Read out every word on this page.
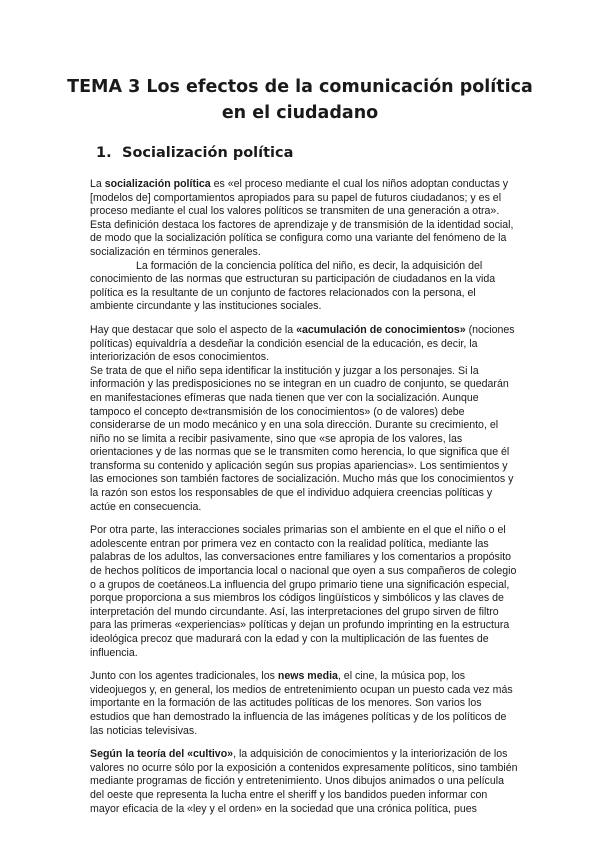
TEMA 3 Los efectos de la comunicación política
en el ciudadano
1. Socialización política

La socialización política es «el proceso mediante el cual los niños adoptan conductas y [modelos de] comportamientos apropiados para su papel de futuros ciudadanos; y es el proceso mediante el cual los valores políticos se transmiten de una generación a otra». Esta definición destaca los factores de aprendizaje y de transmisión de la identidad social, de modo que la socialización política se configura como una variante del fenómeno de la socialización en términos generales.

La formación de la conciencia política del niño, es decir, la adquisición del conocimiento de las normas que estructuran su participación de ciudadanos en la vida política es la resultante de un conjunto de factores relacionados con la persona, el ambiente circundante y las instituciones sociales.

Hay que destacar que solo el aspecto de la «acumulación de conocimientos» (nociones políticas) equivaldría a desdeñar la condición esencial de la educación, es decir, la interiorización de esos conocimientos.

Se trata de que el niño sepa identificar la institución y juzgar a los personajes. Si la información y las predisposiciones no se integran en un cuadro de conjunto, se quedarán en manifestaciones efímeras que nada tienen que ver con la socialización. Aunque tampoco el concepto de«transmisión de los conocimientos» (o de valores) debe considerarse de un modo mecánico y en una sola dirección. Durante su crecimiento, el niño no se limita a recibir pasivamente, sino que «se apropia de los valores, las orientaciones y de las normas que se le transmiten como herencia, lo que significa que él transforma su contenido y aplicación según sus propias apariencias». Los sentimientos y las emociones son también factores de socialización. Mucho más que los conocimientos y la razón son estos los responsables de que el individuo adquiera creencias políticas y actúe en consecuencia.

Por otra parte, las interacciones sociales primarias son el ambiente en el que el niño o el adolescente entran por primera vez en contacto con la realidad política, mediante las palabras de los adultos, las conversaciones entre familiares y los comentarios a propósito de hechos políticos de importancia local o nacional que oyen a sus compañeros de colegio o a grupos de coetáneos.La influencia del grupo primario tiene una significación especial, porque proporciona a sus miembros los códigos lingüísticos y simbólicos y las claves de interpretación del mundo circundante. Así, las interpretaciones del grupo sirven de filtro para las primeras «experiencias» políticas y dejan un profundo imprinting en la estructura ideológica precoz que madurará con la edad y con la multiplicación de las fuentes de influencia.

Junto con los agentes tradicionales, los news media, el cine, la música pop, los videojuegos y, en general, los medios de entretenimiento ocupan un puesto cada vez más importante en la formación de las actitudes políticas de los menores. Son varios los estudios que han demostrado la influencia de las imágenes políticas y de los políticos de las noticias televisivas.

Según la teoría del «cultivo», la adquisición de conocimientos y la interiorización de los valores no ocurre sólo por la exposición a contenidos expresamente políticos, sino también mediante programas de ficción y entretenimiento. Unos dibujos animados o una película del oeste que representa la lucha entre el sheriff y los bandidos pueden informar con mayor eficacia de la «ley y el orden» en la sociedad que una crónica política, pues
